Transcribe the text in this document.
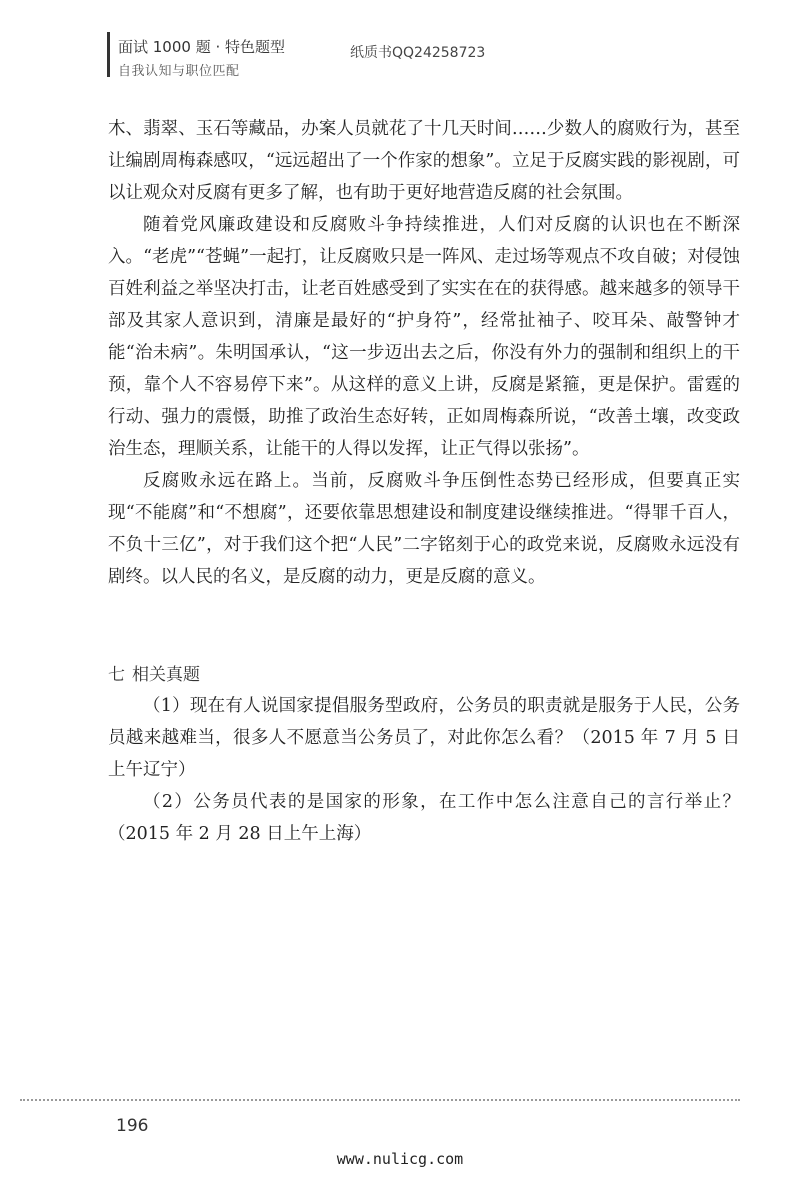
面试 1000 题 · 特色题型
自我认知与职位匹配
纸质书QQ24258723

木、翡翠、玉石等藏品，办案人员就花了十几天时间……少数人的腐败行为，甚至让编剧周梅森感叹，“远远超出了一个作家的想象”。立足于反腐实践的影视剧，可以让观众对反腐有更多了解，也有助于更好地营造反腐的社会氛围。

随着党风廉政建设和反腐败斗争持续推进，人们对反腐的认识也在不断深入。“老虎”“苍蝇”一起打，让反腐败只是一阵风、走过场等观点不攻自破；对侵蚀百姓利益之举坚决打击，让老百姓感受到了实实在在的获得感。越来越多的领导干部及其家人意识到，清廉是最好的“护身符”，经常扯袖子、咬耳朵、敲警钟才能“治未病”。朱明国承认，“这一步迈出去之后，你没有外力的强制和组织上的干预，靠个人不容易停下来”。从这样的意义上讲，反腐是紧箍，更是保护。雷霆的行动、强力的震慑，助推了政治生态好转，正如周梅森所说，“改善土壤，改变政治生态，理顺关系，让能干的人得以发挥，让正气得以张扬”。

反腐败永远在路上。当前，反腐败斗争压倒性态势已经形成，但要真正实现“不能腐”和“不想腐”，还要依靠思想建设和制度建设继续推进。“得罪千百人，不负十三亿”，对于我们这个把“人民”二字铭刻于心的政党来说，反腐败永远没有剧终。以人民的名义，是反腐的动力，更是反腐的意义。

七 相关真题

（1）现在有人说国家提倡服务型政府，公务员的职责就是服务于人民，公务员越来越难当，很多人不愿意当公务员了，对此你怎么看？（2015 年 7 月 5 日上午辽宁）

（2）公务员代表的是国家的形象，在工作中怎么注意自己的言行举止？（2015 年 2 月 28 日上午上海）

196
www.nulicg.com
